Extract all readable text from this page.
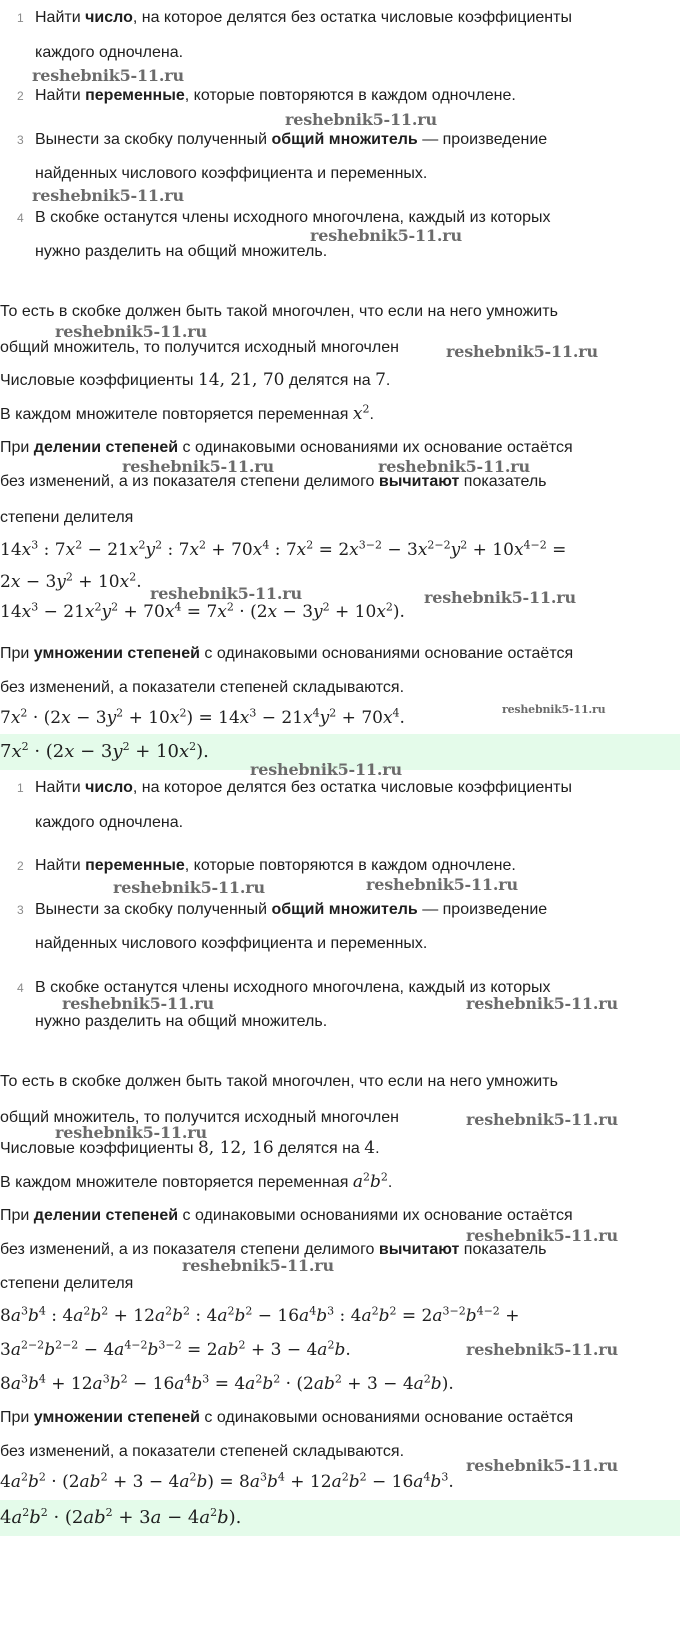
1 Найти число, на которое делятся без остатка числовые коэффициенты
каждого одночлена.
2 Найти переменные, которые повторяются в каждом одночлене.
3 Вынести за скобку полученный общий множитель — произведение
найденных числового коэффициента и переменных.
4 В скобке останутся члены исходного многочлена, каждый из которых
нужно разделить на общий множитель.
То есть в скобке должен быть такой многочлен, что если на него умножить
общий множитель, то получится исходный многочлен
Числовые коэффициенты 14, 21, 70 делятся на 7.
В каждом множителе повторяется переменная $x^2$.
При делении степеней с одинаковыми основаниями их основание остаётся
без изменений, а из показателя степени делимого вычитают показатель
степени делителя
$14x^3$ : $7x^2 - 21x^2y^2$ : $7x^2 + 70x^4$ : $7x^2 = 2x^{3-2} - 3x^{2-2}y^2 + 10x^{4-2}$ =
$2x - 3y^2 + 10x^2$.
$14x^3 - 21x^2y^2 + 70x^4 = 7x^2 \cdot (2x - 3y^2 + 10x^2)$.
При умножении степеней с одинаковыми основаниями основание остаётся
без изменений, а показатели степеней складываются.
$7x^2 \cdot (2x - 3y^2 + 10x^2) = 14x^3 - 21x^4y^2 + 70x^4$.
$7x^2 \cdot (2x - 3y^2 + 10x^2)$.
1 Найти число, на которое делятся без остатка числовые коэффициенты
каждого одночлена.
2 Найти переменные, которые повторяются в каждом одночлене.
3 Вынести за скобку полученный общий множитель — произведение
найденных числового коэффициента и переменных.
4 В скобке останутся члены исходного многочлена, каждый из которых
нужно разделить на общий множитель.
То есть в скобке должен быть такой многочлен, что если на него умножить
общий множитель, то получится исходный многочлен
Числовые коэффициенты 8, 12, 16 делятся на 4.
В каждом множителе повторяется переменная $a^2b^2$.
При делении степеней с одинаковыми основаниями их основание остаётся
без изменений, а из показателя степени делимого вычитают показатель
степени делителя
$8a^3b^4$ : $4a^2b^2 + 12a^2b^2$ : $4a^2b^2 - 16a^4b^3$ : $4a^2b^2 = 2a^{3-2}b^{4-2}$ +
$3a^{2-2}b^{2-2} - 4a^{4-2}b^{3-2} = 2ab^2 + 3 - 4a^2b$.
$8a^3b^4 + 12a^3b^2 - 16a^4b^3 = 4a^2b^2 \cdot (2ab^2 + 3 - 4a^2b)$.
При умножении степеней с одинаковыми основаниями основание остаётся
без изменений, а показатели степеней складываются.
$4a^2b^2 \cdot (2ab^2 + 3 - 4a^2b) = 8a^3b^4 + 12a^2b^2 - 16a^4b^3$.
$4a^2b^2 \cdot (2ab^2 + 3a - 4a^2b)$.
reshebnik5-11.ru
reshebnik5-11.ru
reshebnik5-11.ru
reshebnik5-11.ru
reshebnik5-11.ru
reshebnik5-11.ru
reshebnik5-11.ru	reshebnik5-11.ru
reshebnik5-11.ru	reshebnik5-11.ru
reshebnik5-11.ru
reshebnik5-11.ru
reshebnik5-11.ru	reshebnik5-11.ru
reshebnik5-11.ru	reshebnik5-11.ru
reshebnik5-11.ru
reshebnik5-11.ru
reshebnik5-11.ru
reshebnik5-11.ru
reshebnik5-11.ru
reshebnik5-11.ru
